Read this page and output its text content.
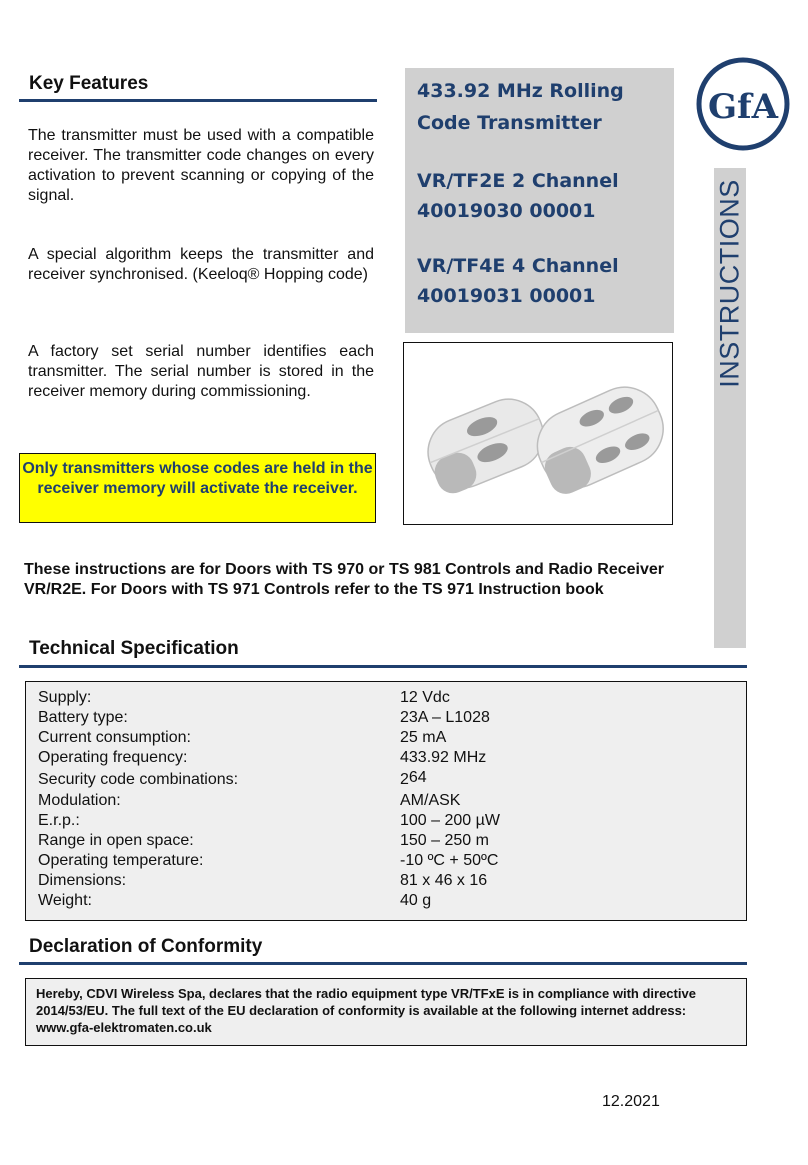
Key Features
The transmitter must be used with a compatible receiver. The transmitter code changes on every activation to prevent scanning or copying of the signal.
A special algorithm keeps the transmitter and receiver synchronised. (Keeloq® Hopping code)
A factory set serial number identifies each transmitter. The serial number is stored in the receiver memory during commissioning.
Only transmitters whose codes are held in the receiver memory will activate the receiver.
433.92 MHz Rolling
Code Transmitter
VR/TF2E 2 Channel
40019030 00001
VR/TF4E 4 Channel
40019031 00001
GfA
INSTRUCTIONS
These instructions are for Doors with TS 970 or TS 981 Controls and Radio Receiver VR/R2E. For Doors with TS 971 Controls refer to the TS 971 Instruction book
Technical Specification
Supply:	12 Vdc
Battery type:	23A – L1028
Current consumption:	25 mA
Operating frequency:	433.92 MHz
Security code combinations:	$2^{64}$
Modulation:	AM/ASK
E.r.p.:	100 – 200 µW
Range in open space:	150 – 250 m
Operating temperature:	-10 ºC + 50ºC
Dimensions:	81 x 46 x 16
Weight:	40 g
Declaration of Conformity
Hereby, CDVI Wireless Spa, declares that the radio equipment type VR/TFxE is in compliance with directive 2014/53/EU. The full text of the EU declaration of conformity is available at the following internet address: www.gfa-elektromaten.co.uk
12.2021
